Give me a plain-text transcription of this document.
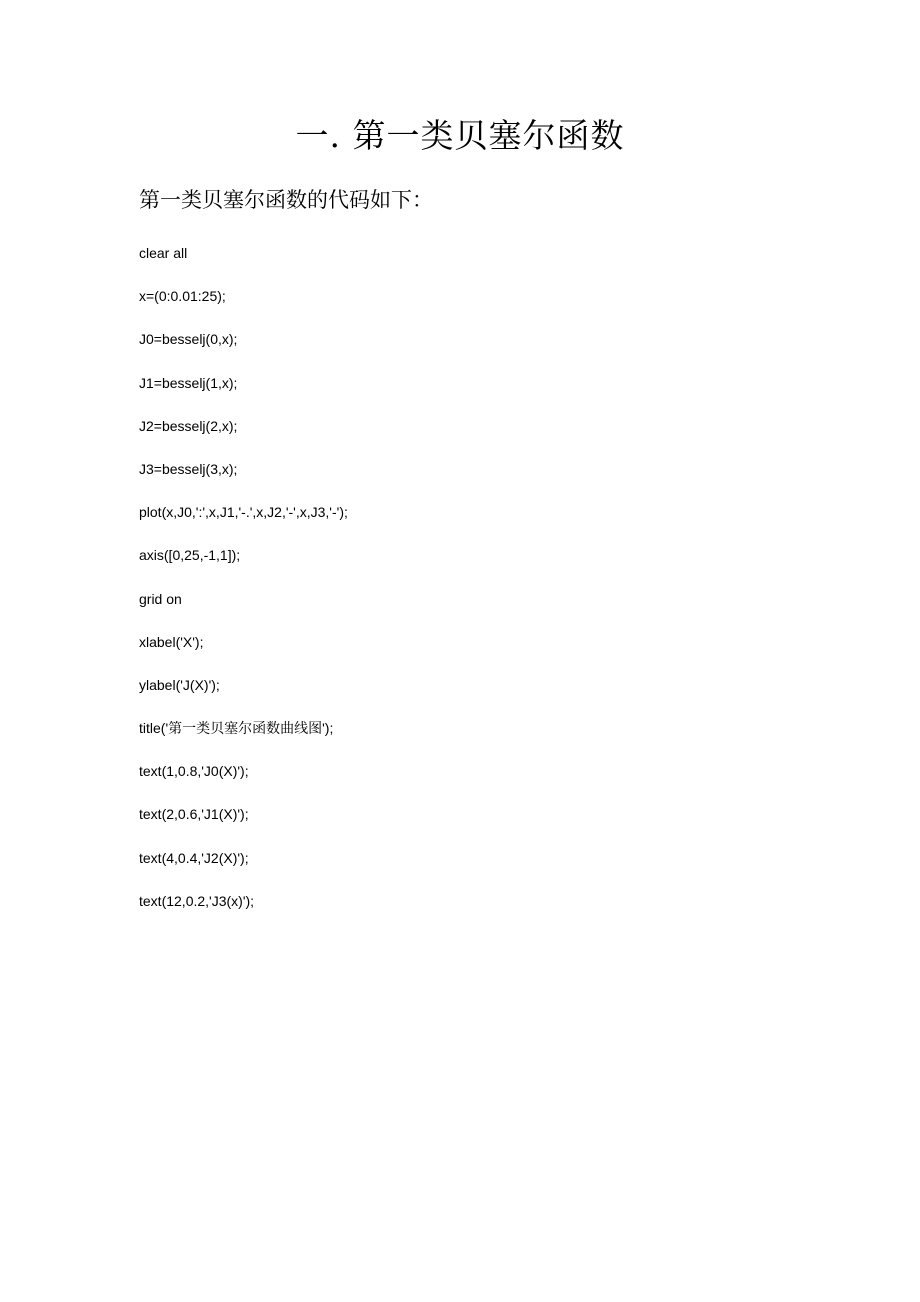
一. 第一类贝塞尔函数

第一类贝塞尔函数的代码如下：

clear all
x=(0:0.01:25);
J0=besselj(0,x);
J1=besselj(1,x);
J2=besselj(2,x);
J3=besselj(3,x);
plot(x,J0,':',x,J1,'-.',x,J2,'-',x,J3,'-');
axis([0,25,-1,1]);
grid on
xlabel('X');
ylabel('J(X)');
title('第一类贝塞尔函数曲线图');
text(1,0.8,'J0(X)');
text(2,0.6,'J1(X)');
text(4,0.4,'J2(X)');
text(12,0.2,'J3(x)');
